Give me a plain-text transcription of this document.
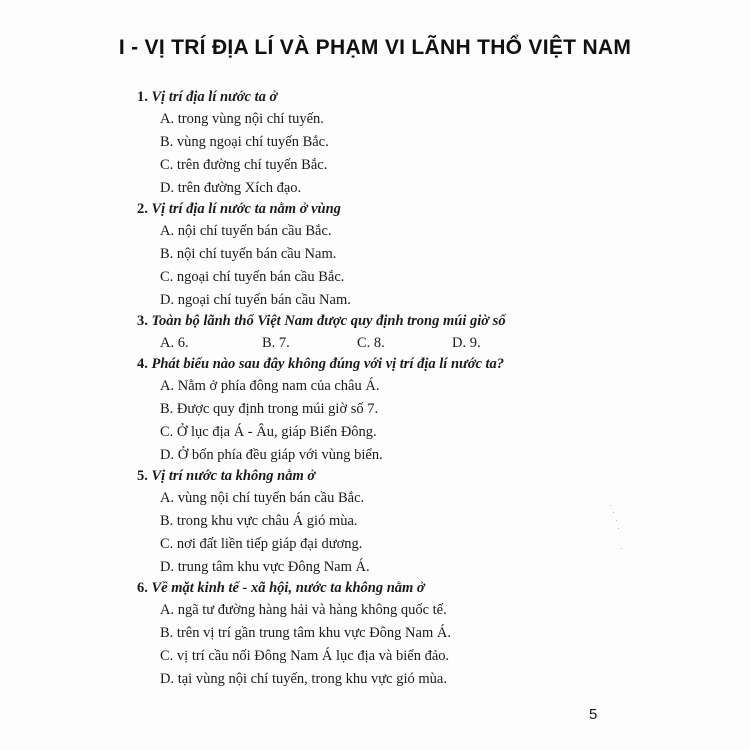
I - VỊ TRÍ ĐỊA LÍ VÀ PHẠM VI LÃNH THỔ VIỆT NAM
1. Vị trí địa lí nước ta ở
A. trong vùng nội chí tuyến.
B. vùng ngoại chí tuyến Bắc.
C. trên đường chí tuyến Bắc.
D. trên đường Xích đạo.
2. Vị trí địa lí nước ta nằm ở vùng
A. nội chí tuyến bán cầu Bắc.
B. nội chí tuyến bán cầu Nam.
C. ngoại chí tuyến bán cầu Bắc.
D. ngoại chí tuyến bán cầu Nam.
3. Toàn bộ lãnh thổ Việt Nam được quy định trong múi giờ số
A. 6.	B. 7.	C. 8.	D. 9.
4. Phát biểu nào sau đây không đúng với vị trí địa lí nước ta?
A. Nằm ở phía đông nam của châu Á.
B. Được quy định trong múi giờ số 7.
C. Ở lục địa Á - Âu, giáp Biển Đông.
D. Ở bốn phía đều giáp với vùng biển.
5. Vị trí nước ta không nằm ở
A. vùng nội chí tuyến bán cầu Bắc.
B. trong khu vực châu Á gió mùa.
C. nơi đất liền tiếp giáp đại dương.
D. trung tâm khu vực Đông Nam Á.
6. Về mặt kinh tế - xã hội, nước ta không nằm ở
A. ngã tư đường hàng hải và hàng không quốc tế.
B. trên vị trí gần trung tâm khu vực Đông Nam Á.
C. vị trí cầu nối Đông Nam Á lục địa và biển đảo.
D. tại vùng nội chí tuyến, trong khu vực gió mùa.
5
